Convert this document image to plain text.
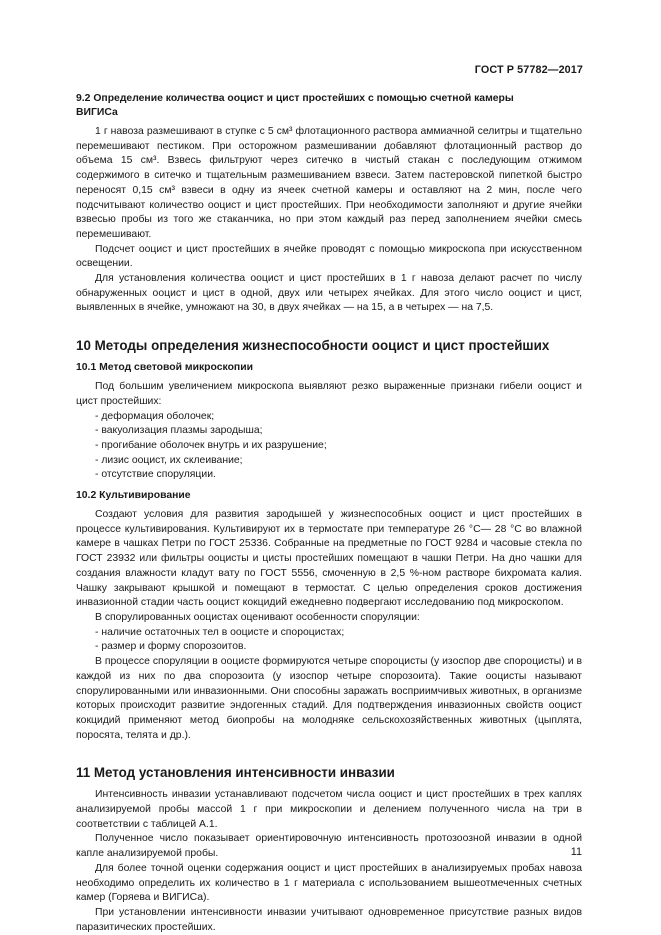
ГОСТ Р 57782—2017
9.2 Определение количества ооцист и цист простейших с помощью счетной камеры
ВИГИСа

1 г навоза размешивают в ступке с 5 см³ флотационного раствора аммиачной селитры и тщательно перемешивают пестиком. При осторожном размешивании добавляют флотационный раствор до объема 15 см³. Взвесь фильтруют через ситечко в чистый стакан с последующим отжимом содержимого в ситечко и тщательным размешиванием взвеси. Затем пастеровской пипеткой быстро переносят 0,15 см³ взвеси в одну из ячеек счетной камеры и оставляют на 2 мин, после чего подсчитывают количество ооцист и цист простейших. При необходимости заполняют и другие ячейки взвесью пробы из того же стаканчика, но при этом каждый раз перед заполнением ячейки смесь перемешивают.

Подсчет ооцист и цист простейших в ячейке проводят с помощью микроскопа при искусственном освещении.

Для установления количества ооцист и цист простейших в 1 г навоза делают расчет по числу обнаруженных ооцист и цист в одной, двух или четырех ячейках. Для этого число ооцист и цист, выявленных в ячейке, умножают на 30, в двух ячейках — на 15, а в четырех — на 7,5.

10 Методы определения жизнеспособности ооцист и цист простейших
10.1 Метод световой микроскопии

Под большим увеличением микроскопа выявляют резко выраженные признаки гибели ооцист и цист простейших:

- деформация оболочек;

- вакуолизация плазмы зародыша;

- прогибание оболочек внутрь и их разрушение;

- лизис ооцист, их склеивание;

- отсутствие споруляции.

10.2 Культивирование

Создают условия для развития зародышей у жизнеспособных ооцист и цист простейших в процессе культивирования. Культивируют их в термостате при температуре 26 °С— 28 °С во влажной камере в чашках Петри по ГОСТ 25336. Собранные на предметные по ГОСТ 9284 и часовые стекла по ГОСТ 23932 или фильтры ооцисты и цисты простейших помещают в чашки Петри. На дно чашки для создания влажности кладут вату по ГОСТ 5556, смоченную в 2,5 %-ном растворе бихромата калия. Чашку закрывают крышкой и помещают в термостат. С целью определения сроков достижения инвазионной стадии часть ооцист кокцидий ежедневно подвергают исследованию под микроскопом.

В спорулированных ооцистах оценивают особенности споруляции:

- наличие остаточных тел в ооцисте и спороцистах;

- размер и форму спорозоитов.

В процессе споруляции в ооцисте формируются четыре спороцисты (у изоспор две спороцисты) и в каждой из них по два спорозоита (у изоспор четыре спорозоита). Такие ооцисты называют спорулированными или инвазионными. Они способны заражать восприимчивых животных, в организме которых происходит развитие эндогенных стадий. Для подтверждения инвазионных свойств ооцист кокцидий применяют метод биопробы на молодняке сельскохозяйственных животных (цыплята, поросята, телята и др.).

11 Метод установления интенсивности инвазии

Интенсивность инвазии устанавливают подсчетом числа ооцист и цист простейших в трех каплях анализируемой пробы массой 1 г при микроскопии и делением полученного числа на три в соответствии с таблицей А.1.

Полученное число показывает ориентировочную интенсивность протозоозной инвазии в одной капле анализируемой пробы.

Для более точной оценки содержания ооцист и цист простейших в анализируемых пробах навоза необходимо определить их количество в 1 г материала с использованием вышеотмеченных счетных камер (Горяева и ВИГИСа).

При установлении интенсивности инвазии учитывают одновременное присутствие разных видов паразитических простейших.

11
